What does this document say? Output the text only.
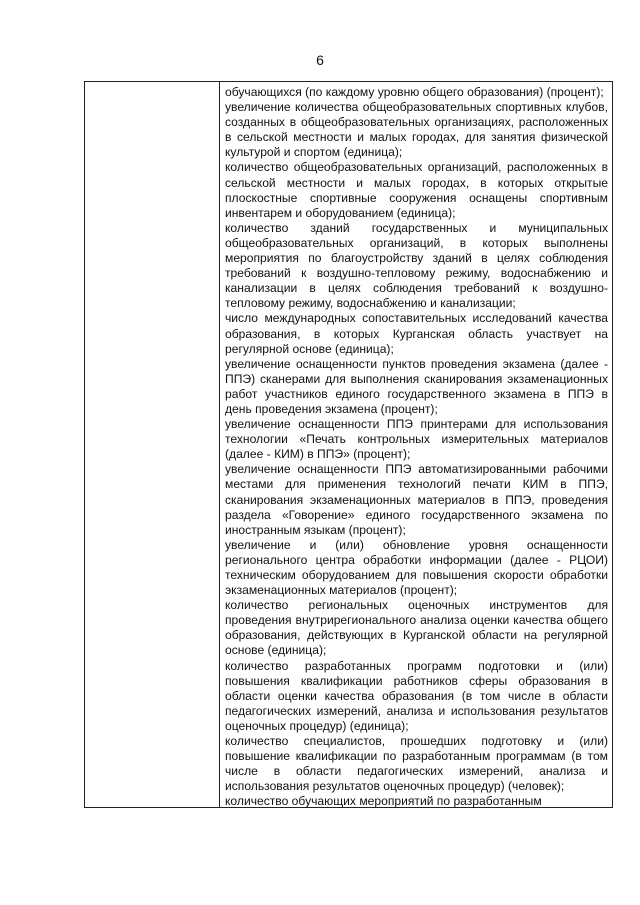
6

обучающихся (по каждому уровню общего образования) (процент);

увеличение количества общеобразовательных спортивных клубов, созданных в общеобразовательных организациях, расположенных в сельской местности и малых городах, для занятия физической культурой и спортом (единица);

количество общеобразовательных организаций, расположенных в сельской местности и малых городах, в которых открытые плоскостные спортивные сооружения оснащены спортивным инвентарем и оборудованием (единица);

количество зданий государственных и муниципальных общеобразовательных организаций, в которых выполнены мероприятия по благоустройству зданий в целях соблюдения требований к воздушно-тепловому режиму, водоснабжению и канализации в целях соблюдения требований к воздушно-тепловому режиму, водоснабжению и канализации;

число международных сопоставительных исследований качества образования, в которых Курганская область участвует на регулярной основе (единица);

увеличение оснащенности пунктов проведения экзамена (далее - ППЭ) сканерами для выполнения сканирования экзаменационных работ участников единого государственного экзамена в ППЭ в день проведения экзамена (процент);

увеличение оснащенности ППЭ принтерами для использования технологии «Печать контрольных измерительных материалов (далее - КИМ) в ППЭ» (процент);

увеличение оснащенности ППЭ автоматизированными рабочими местами для применения технологий печати КИМ в ППЭ, сканирования экзаменационных материалов в ППЭ, проведения раздела «Говорение» единого государственного экзамена по иностранным языкам (процент);

увеличение и (или) обновление уровня оснащенности регионального центра обработки информации (далее - РЦОИ) техническим оборудованием для повышения скорости обработки экзаменационных материалов (процент);

количество региональных оценочных инструментов для проведения внутрирегионального анализа оценки качества общего образования, действующих в Курганской области на регулярной основе (единица);

количество разработанных программ подготовки и (или) повышения квалификации работников сферы образования в области оценки качества образования (в том числе в области педагогических измерений, анализа и использования результатов оценочных процедур) (единица);

количество специалистов, прошедших подготовку и (или) повышение квалификации по разработанным программам (в том числе в области педагогических измерений, анализа и использования результатов оценочных процедур) (человек);

количество обучающих мероприятий по разработанным
